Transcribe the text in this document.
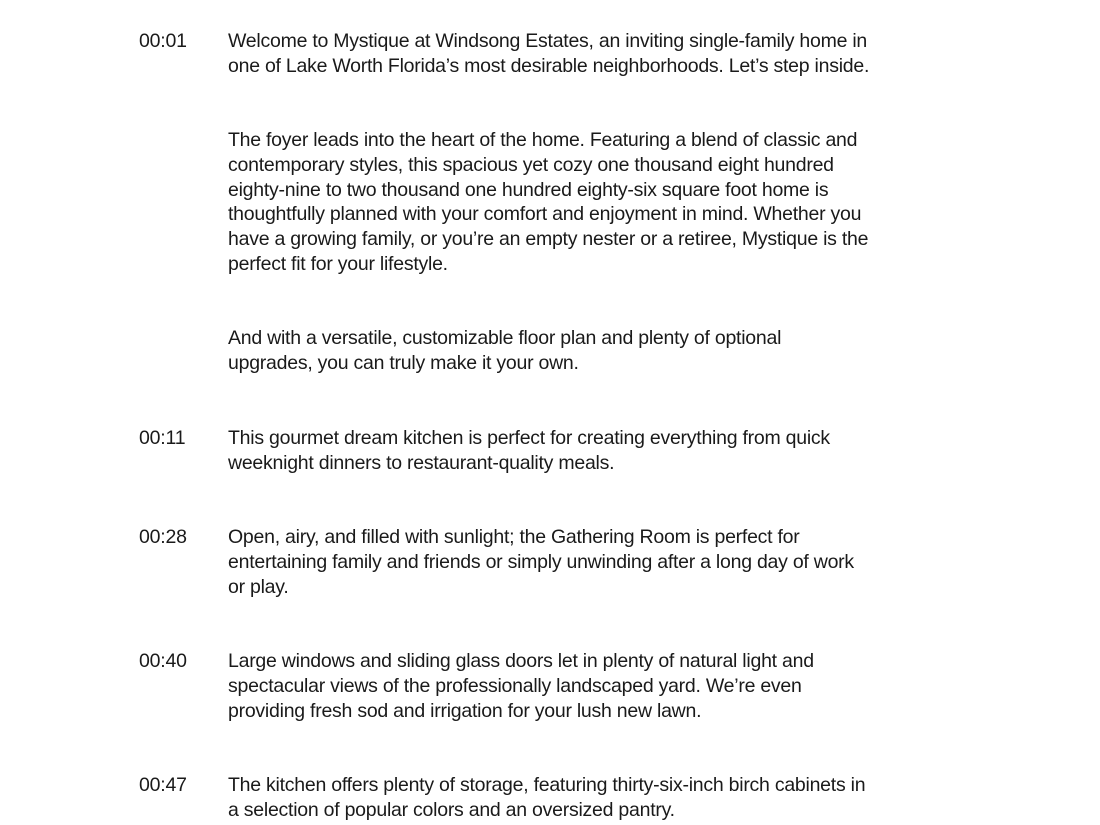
00:01 Welcome to Mystique at Windsong Estates, an inviting single-family home in
one of Lake Worth Florida’s most desirable neighborhoods. Let’s step inside.
The foyer leads into the heart of the home. Featuring a blend of classic and
contemporary styles, this spacious yet cozy one thousand eight hundred
eighty-nine to two thousand one hundred eighty-six square foot home is
thoughtfully planned with your comfort and enjoyment in mind. Whether you
have a growing family, or you’re an empty nester or a retiree, Mystique is the
perfect fit for your lifestyle.
And with a versatile, customizable floor plan and plenty of optional
upgrades, you can truly make it your own.
00:11 This gourmet dream kitchen is perfect for creating everything from quick
weeknight dinners to restaurant-quality meals.
00:28 Open, airy, and filled with sunlight; the Gathering Room is perfect for
entertaining family and friends or simply unwinding after a long day of work
or play.
00:40 Large windows and sliding glass doors let in plenty of natural light and
spectacular views of the professionally landscaped yard. We’re even
providing fresh sod and irrigation for your lush new lawn.
00:47 The kitchen offers plenty of storage, featuring thirty-six-inch birch cabinets in
a selection of popular colors and an oversized pantry.
